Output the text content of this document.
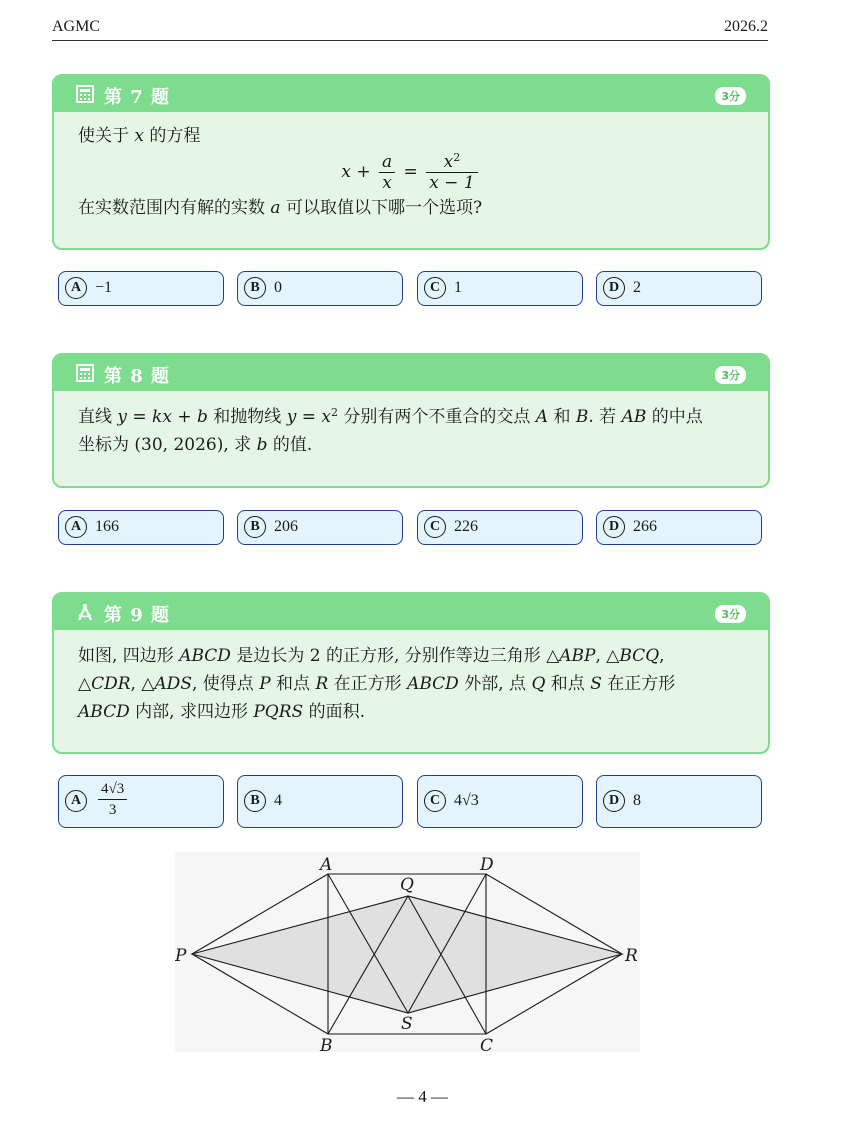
AGMC	2026.2
第 7 题	3分
使关于 x 的方程
$x + \frac{a}{x} = \frac{x^2}{x - 1}$
在实数范围内有解的实数 a 可以取值以下哪一个选项?
A −1	B 0	C 1	D 2
第 8 题	3分
直线 y = kx + b 和抛物线 $y = x^2$ 分别有两个不重合的交点 A 和 B. 若 AB 的中点
坐标为 (30, 2026), 求 b 的值.
A 166	B 206	C 226	D 266
第 9 题	3分
如图, 四边形 ABCD 是边长为 2 的正方形, 分别作等边三角形 △ABP, △BCQ,
△CDR, △ADS, 使得点 P 和点 R 在正方形 ABCD 外部, 点 Q 和点 S 在正方形
ABCD 内部, 求四边形 PQRS 的面积.
A	$\frac{4√3}{3}$	B 4	C 4√3	D 8
A	D
Q
P	R
S
B	C
— 4 —
